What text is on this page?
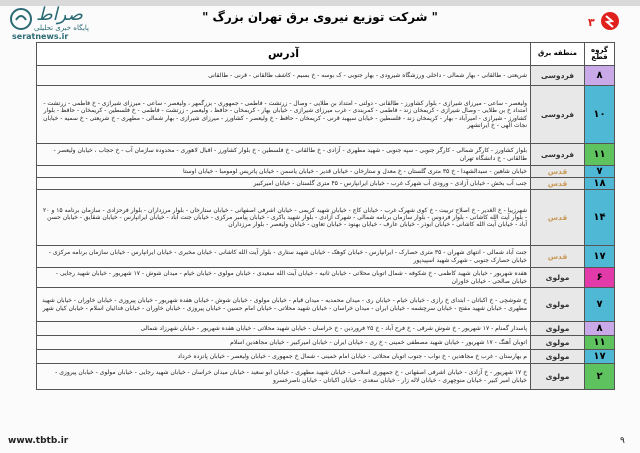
صراط
پایگاه خبری تحلیلی
seratnews.ir
" شرکت توزیع نیروی برق تهران بزرگ "	۳
گروه قطع	منطقه برق	آدرس
۸	فردوسی	شریعتی - طالقانی - بهار شمالی - داخلی ورزشگاه شیرودی - بهار جنوبی - ک بوسه - خ بسیم - کاشف طالقانی - قرنی - طالقانی
۱۰	فردوسی	ولیعصر - ساعی - میرزای شیرازی - بلوار کشاورز - طالقانی - دولتی - امتداد بن طلایی - وصال - زرتشت - فاطمی - جمهوری - بزرگمهر ، ولیعصر - ساعی - میرزای شیرازی - خ فاطمی - زرتشت - امتداد خ بن طلایی - وصال شیرازی - کریمخان زند - فاطمی - کمربندی - غرب میرزای شیرازی - خیابان بهار - کریمخان - حافظ ، ولیعصر - زرتشت - فاطمی - خ فلسطین - کریمخان - حافظ - بلوار کشاورز - شیرازی - امیرآباد - بهار - کریمخان زند - فلسطین - خیابان سپهبد قرنی - کریمخان - حافظ - خ ولیعصر - کشاورز - میرزای شیرازی - بهار شمالی - مطهری - خ شریعتی - خ سمیه - خیابان نجات الهی - خ ایرانشهر
۱۱	فردوسی	بلوار کشاورز - کارگر شمالی - کارگر جنوبی - سپه جنوبی - شهید مطهری - آزادی - خ طالقانی - خ فلسطین - خ بلوار کشاورز - اقبال لاهوری - محدوده سازمان آب - خ حجاب ، خیابان ولیعصر - طالقانی - خ دانشگاه تهران
۷	قدس	خیابان شاهین - سیدالشهدا - خ ۳۵ متری گلستان - خ معدل و ستارخان - خیابان قدیر - خیابان یاسمن - خیابان پاتریس لومومبا - خیابان اوستا
۱۸	قدس	جنب آب بخش - خیابان آزادی - ورودی آب شهرک غرب - خیابان ایرانپارس - ۴۵ متری گلستان - خیابان امیرکبیر
۱۴	قدس	شهرزیبا - خ الغدیر - خ اصلاح تربیت - خ کوی شهرک غرب - خیابان کاج - خیابان شهید کریمی - خیابان اشرفی اصفهانی - خیابان ستارخان - بلوار مرزداران - بلوار فرحزادی - سازمان برنامه ۱۵ و ۲۰ - بلوار آیت الله کاشانی - بلوار فردوس - بلوار سازمان برنامه شمالی - شهرک آزادی - بلوار شهید باکری - خیابان پیامبر مرکزی - خیابان جنت آباد - خیابان ایرانپارس - خیابان شقایق - خیابان حسن آباد - خیابان آیت الله کاشانی - خیابان ابوذر - خیابان عارف - خیابان بهنود - خیابان تعاون - خیابان ولیعصر - بلوار مرزداران
۱۷	قدس	جنت آباد شمالی - انتهای شهران - ۳۵ متری حصارک - ایرانپارس - خیابان کوهک - خیابان شهید ستاری - بلوار آیت الله کاشانی - خیابان مخبری - خیابان ایرانپارس - خیابان سازمان برنامه مرکزی - خیابان حصارک جنوبی - شهرک شهید اسپیدپور
۶	مولوی	هفده شهریور - خیابان شهید کاظمی - خ شکوفه - شمال اتوبان محلاتی - خیابان ثانیه - خیابان آیت الله سعیدی - خیابان مولوی - خیابان خیام - میدان شوش - ۱۷ شهریور - خیابان شهید رجایی - خیابان صالحی - خیابان خاوران
۷	مولوی	خ شوشچی - خ اکباتان - ابتدای خ رازی - خیابان خیام - خیابان ری - میدان محمدیه - میدان قیام - خیابان مولوی - خیابان شوش - خیابان هفده شهریور - خیابان پیروزی - خیابان خاوران - خیابان شهید مطهری - خیابان شهید مفتح - خیابان سرچشمه - خیابان ایران - میدان خراسان - خیابان شهید محلاتی - خیابان امام حسین - خیابان پیروزی - خیابان خاوران - خیابان فدائیان اسلام - خیابان کیان شهر
۸	مولوی	پاسدار گمنام - ۱۷ شهریور - خ شوش شرقی - خ فرح آباد - خ ۲۵ فروردین - خ خراسان - خیابان شهید محلاتی - خیابان هفده شهریور - خیابان شهرزاد شمالی
۱۱	مولوی	اتوبان آهنگ - ۱۷ شهریور - خیابان شهید مصطفی خمینی - خ ری - خیابان ایران - خیابان امیرکبیر - خیابان مجاهدین اسلام
۱۷	مولوی	م بهارستان - غرب خ مجاهدین - خ نواب - جنوب اتوبان محلاتی - خیابان امام خمینی - شمال خ جمهوری - خیابان ولیعصر - خیابان پانزده خرداد
۲	مولوی	خ ۱۷ شهریور - خ آزادی - خیابان اشرفی اصفهانی - خ جمهوری اسلامی - خیابان شهید مطهری - خیابان ابو سعید - خیابان میدان خراسان - خیابان شهید رجایی - خیابان مولوی - خیابان پیروزی - خیابان امیر کبیر - خیابان منوچهری - خیابان لاله زار - خیابان سعدی - خیابان اکباتان - خیابان ناصرخسرو
www.tbtb.ir	۹
